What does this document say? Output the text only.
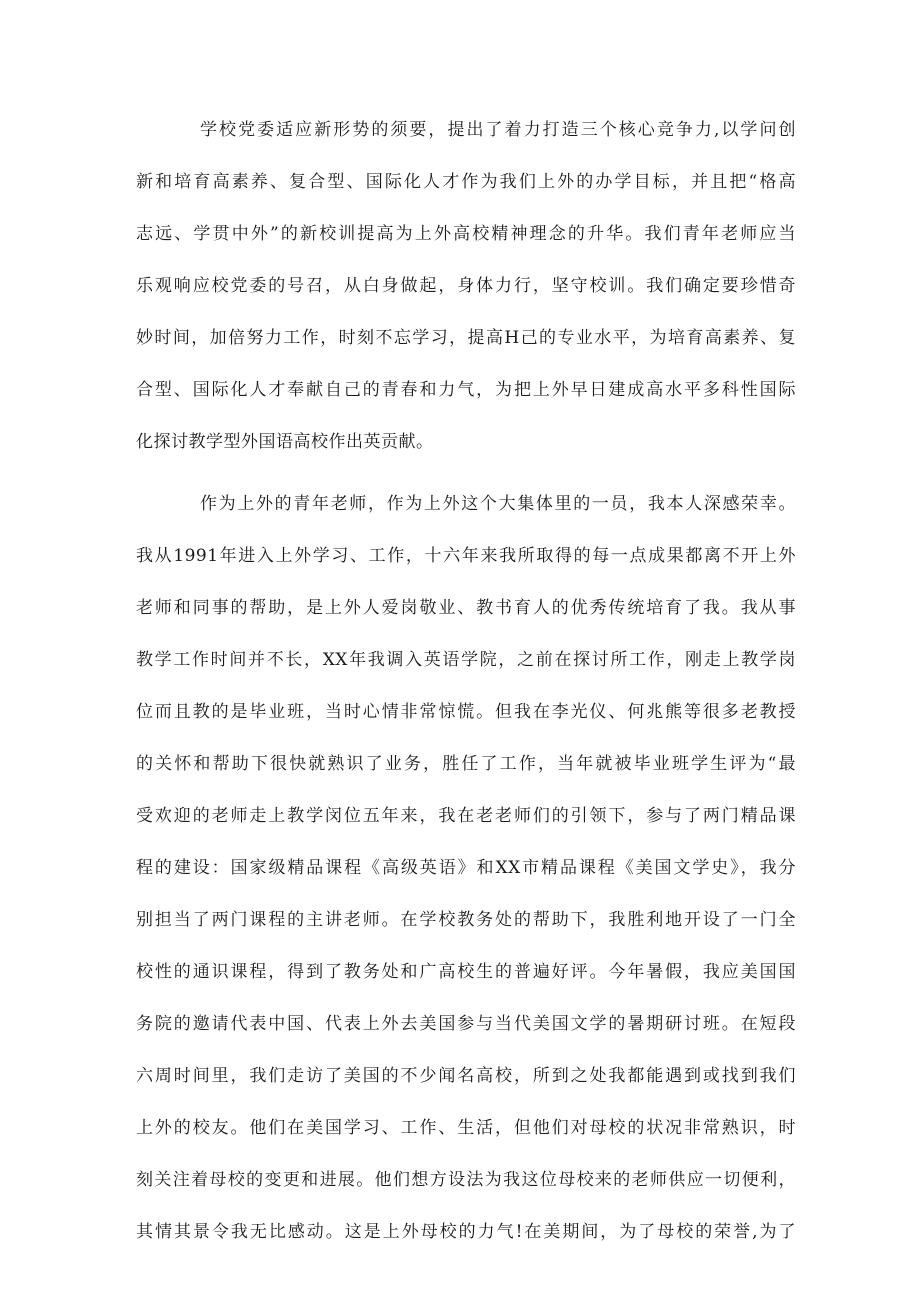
学校党委适应新形势的须要，提出了着力打造三个核心竞争力,以学问创
新和培育高素养、复合型、国际化人才作为我们上外的办学目标，并且把“格高
志远、学贯中外”的新校训提高为上外高校精神理念的升华。我们青年老师应当
乐观响应校党委的号召，从白身做起，身体力行，坚守校训。我们确定要珍惜奇
妙时间，加倍努力工作，时刻不忘学习，提高H己的专业水平，为培育高素养、复
合型、国际化人才奉献自己的青春和力气，为把上外早日建成高水平多科性国际
化探讨教学型外国语高校作出英贡献。
作为上外的青年老师，作为上外这个大集体里的一员，我本人深感荣幸。
我从1991年进入上外学习、工作，十六年来我所取得的每一点成果都离不开上外
老师和同事的帮助，是上外人爱岗敬业、教书育人的优秀传统培育了我。我从事
教学工作时间并不长，XX年我调入英语学院，之前在探讨所工作，刚走上教学岗
位而且教的是毕业班，当时心情非常惊慌。但我在李光仪、何兆熊等很多老教授
的关怀和帮助下很快就熟识了业务，胜任了工作，当年就被毕业班学生评为“最
受欢迎的老师走上教学闵位五年来，我在老老师们的引领下，参与了两门精品课
程的建设：国家级精品课程《高级英语》和XX市精品课程《美国文学史》，我分
别担当了两门课程的主讲老师。在学校教务处的帮助下，我胜利地开设了一门全
校性的通识课程，得到了教务处和广高校生的普遍好评。今年暑假，我应美国国
务院的邀请代表中国、代表上外去美国参与当代美国文学的暑期研讨班。在短段
六周时间里，我们走访了美国的不少闻名高校，所到之处我都能遇到或找到我们
上外的校友。他们在美国学习、工作、生活，但他们对母校的状况非常熟识，时
刻关注着母校的变更和进展。他们想方设法为我这位母校来的老师供应一切便利，
其情其景令我无比感动。这是上外母校的力气!在美期间，为了母校的荣誉,为了
